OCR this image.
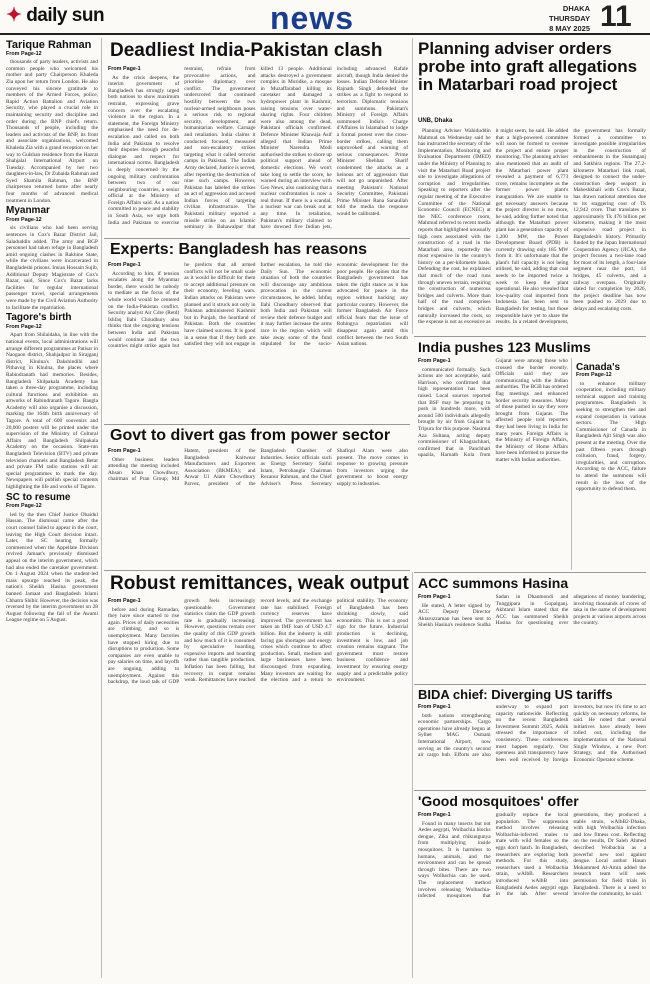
✦ daily sun	news	DHAKA
THURSDAY
8 MAY 2025 11
Tarique Rahman
From Page-12

thousands of party leaders, activists and common people who welcomed his mother and party Chairperson Khaleda Zia upon her return from London. He also conveyed his sincere gratitude to members of the Armed Forces, police, Rapid Action Battalion and Aviation Security, who played a crucial role in maintaining security and discipline and order during the BNP chief's return. Thousands of people, including the leaders and activists of the BNP, its front and associate organisations, welcomed Khaleda Zia with a grand reception on her way to Gulshan residence from the Hazrat Shahjalal International Airport on Tuesday. Accompanied by her two daughters-in-law, Dr Zubaida Rahman and Syed Shamila Rahman, the BNP chairperson returned home after nearly four months of advanced medical treatment in London.

Myanmar
From Page-12

sis civilians who had been serving sentences in Cox's Bazar District Jail, Saladuddin added. The army and BGP personnel had taken refuge in Bangladesh amid ongoing clashes in Rakhine State, while the civilians were incarcerated in Bangladeshi prisons. Imran Hossain Sujib, Additional Deputy Magistrate of Cox's Bazar, said, Since Cox's Bazar lacks facilities for regular international passenger travel, special arrangements were made by the Civil Aviation Authority to facilitate the repatriation.

Tagore's birth
From Page-12

Apart from Shilaidaha, in line with the national events, local administrations will arrange different programmes at Patisar in Naogaon district, Shahjadpur in Sirajganj district, Khulna's Dakshindihi and Pithavog in Khulna, the places where Rabindranath had memories. Besides, Bangladesh Shilpakala Academy has taken a three-day programme, including cultural functions and exhibition on artworks of Rabindranath Tagore. Bangla Academy will also organise a discussion, marking the 164th birth anniversary of Tagore. A total of 600 souvenirs and 20,000 posters will be printed under the supervision of the Ministry of Cultural Affairs and Bangladesh Shilpakala Academy on the occasion. State-run Bangladesh Television (BTV) and private television channels and Bangladesh Betar and private FM radio stations will air special programmes to mark the day. Newspapers will publish special contents highlighting the life and works of Tagore.

SC to resume
From Page-12

led by the then Chief Justice Obaidul Hassan. The dismissal came after the court counsel failed to appear in the court, leaving the High Court decision intact. Later, the SC hearing formally commenced when the Appellate Division revived Jamaat's previously dismissed appeal on the interim government, which had also ended the caretaker government. On 1 August 2024 when the student-led mass upsurge reached its peak, the nation's Sheikh Hasina government banned Jamaat and Bangladesh Islami Chhatra Shibir. However, the decision was reversed by the interim government on 28 August following the fall of the Awami League regime on 5 August.

Deadliest India-Pakistan clash
From Page-1

As the crisis deepens, the interim government of Bangladesh has strongly urged both nations to show maximum restraint, expressing grave concern over the escalating violence in the region. In a statement, the Foreign Ministry emphasised the need for de-escalation and called on both India and Pakistan to resolve their disputes through peaceful dialogue and respect for international norms. Bangladesh is deeply concerned by the ongoing military confrontation between two of our neighbouring countries, a senior official at the Ministry of Foreign Affairs said. As a nation committed to peace and stability in South Asia, we urge both India and Pakistan to exercise restraint, refrain from provocative actions, and prioritise diplomacy over conflict. The government underscored that continued hostility between the two nuclear-armed neighbours poses a serious risk to regional security, development, and humanitarian welfare. Carnage and retaliation. India claims it conducted focused, measured and non-escalatory strikes targeting what it called terrorist camps in Pakistan. The Indian Army declared, Justice is served, after reporting the destruction of nine such camps. However, Pakistan has labeled the strikes an act of aggression and accused Indian forces of targeting civilian infrastructure. The Pakistani military reported a missile strike on an Islamic seminary in Bahawalpur that killed 13 people. Additional attacks destroyed a government complex in Muridke, a mosque in Muzaffarabad killing its caretaker and damaged a hydropower plant in Kashmir, raising tensions over water-sharing rights. Four children were also among the dead, Pakistani officials confirmed. Defence Minister Khawaja Asif alleged that Indian Prime Minister Narendra Modi authorised the strikes to shore up political support ahead of domestic elections. We won't take long to settle the score, he warned during an interview with Geo News, also cautioning that a nuclear confrontation is now a real threat. If there is a scandal, a nuclear war can break out at any time. In retaliation, Pakistan's military claimed to have downed five Indian jets, including advanced Rafale aircraft, though India denied the losses. Indian Defence Minister Rajnath Singh defended the strikes as a fight to respond to terrorism. Diplomatic tensions and summons. Pakistan's Ministry of Foreign Affairs summoned India's Charge d'Affaires in Islamabad to lodge a formal protest over the cross-border strikes, calling them unprovoked and warning of serious consequences. Prime Minister Shehbaz Sharif condemned the attacks as a heinous act of aggression that will not go unpunished. After meeting Pakistan's National Security Committee, Pakistani Prime Minister Rana Sanaullah told the media the response would be calibrated.

Planning adviser orders probe into graft allegations in Matarbari road project
UNB, Dhaka

Planning Adviser Wahiduddin Mahmud on Wednesday said he has instructed the secretary of the Implementation, Monitoring and Evaluation Department (IMED) under the Ministry of Planning to visit the Matarbari Road project site to investigate allegations of corruption and irregularities. Speaking to reporters after the regular meeting of the Executive Committee of the National Economic Council (ECNEC) at the NEC conference room, Mahmud referred to recent media reports that highlighted unusually high costs associated with the construction of a road in the Matarbari area, reportedly the most expensive in the country's history on a per-kilometre basis. Defending the cost, he explained that much of the road runs through uneven terrain, requiring the construction of numerous bridges and culverts. More than half of the road comprises bridges and culverts, which naturally increased the costs, so the expense is not as excessive as it might seem, he said. He added that a high-powered committee will soon be formed to oversee the project and ensure proper monitoring. The planning adviser also mentioned that an audit of the Matarbari power plant revealed a payment of 6,773 crore, remains incomplete as the former power plant's inauguration. We are unable to get necessary answers because the project director is no more, he said, adding further noted that although the Matarbari power plant has a generation capacity of 1,200 MW, the Power Development Board (PDB) is currently drawing only 185 MW from it. It's unfortunate that the plant's full capacity is not being utilised, he said, adding that coal needs to be imported twice a week to keep the plant operational. He also revealed that low-quality coal imported from Indonesia has been sent to Bangladesh for testing, but those responsible have yet to share the results. In a related development, the government has formally formed a committee to investigate possible irregularities in the construction of embankments in the Sunamganj and Satkhira regions. The 27.2-kilometre Matarbari link road, designed to connect the under-construction deep seaport in Maheshkhali with Cox's Bazar, has drawn national attention due to its staggering cost of Tk 12,942 crore. That translates to approximately Tk 476 billion per kilometre, making it the most expensive road project in Bangladesh's history. Primarily funded by the Japan International Cooperation Agency (JICA), the project focuses a two-lane road for most of its length, a four-lane segment near the port, 14 bridges, 45 culverts, and a railway overpass. Originally slated for completion by 2026, the project deadline has now been pushed to 2029 due to delays and escalating costs.

Experts: Bangladesh has reasons
From Page-1

According to him, if tension escalates along the Myanmar border, there would be nobody to mediate as the focus of the whole world would be centered on the India-Pakistan conflict. Security analyst Air Cdre (Retd) Ishfaq Ilahi Choudhury also thinks that the ongoing tensions between India and Pakistan would continue and the two countries might strike again but he predicts that all armed conflicts will not be small scale as it would be difficult for them to accept additional pressure on their economy, leveling wars. Indian attacks on Pakistan were planned and it struck not only in Pakistan administered Kashmir but in Punjab, the heartland of Pakistan. Both the countries have claimed success. It is good in a sense that if they both are satisfied they will not engage in further escalation, he told the Daily Sun. The economic situation of both the countries will discourage any ambitious provocation in the current circumstances, he added. Ishfaq Ilahi Choudhury observed that both India and Pakistan will review their defence budget and it may further increase the arms race in the region which will take away some of the fund stipulated for the socio-economic development for the poor people. He opines that the Bangladesh government has taken the right stance as it has advocated for peace in the region without backing any particular country. However, the former Bangladesh Air Force official fears that the issue of Rohingya repatriation will disappear again amid this conflict between the two South Asian nations.	India pushes 123 Muslims
From Page-1

communicated formally. Such actions are not acceptable, said Harrison, who confirmed that high representation has been raised. Local sources reported that BSF may be preparing to push in hundreds more, with around 500 individuals allegedly brought by air from Gujarat to Tripura for this purpose. Nasimul Aza Sultana, acting deputy commissioner of Khagrachhari, confirmed that in Panchhari upazila, Harnath Kola from Gujarat were among those who crossed the border recently. Officials said they are communicating with the Indian authorities. The BGB has ordered flag meetings and enhanced border security measures. Many of those pushed in say they were brought from Gujarat. The affected people told reporters they had been living in India for many years. Foreign Affairs is the Ministry of Foreign Affairs, the Ministry of Home Affairs have been informed to pursue the matter with Indian authorities.

Canada's
From Page-12

to enhance military cooperation, including military technical support and training programmes. Bangladesh is seeking to strengthen ties and expand cooperation in various sectors. The High Commissioner of Canada in Bangladesh Ajit Singh was also present at the meeting. Over the past fifteen years through collusion, fraud, forgery, irregularities, and corruption. According to the ACC, failure to attend the summons will result in the loss of the opportunity to defend them.

Govt to divert gas from power sector
From Page-1

Other business leaders attending the meeting included Ahsan Khan Chowdhury, chairman of Pran Group; Md Hatem, president of the Bangladesh Knitwear Manufacturers and Exporters Association (BKMEA); and Anwar Ul Alam Chowdhury Parvez, president of the Bangladesh Chamber of Industries. Senior officials such as Energy Secretary Saiful Islam, Petrobangla Chairman Rezanur Rahman, and the Chief Adviser's Press Secretary Shafiqul Alam were also present. The move comes in response to growing pressure from investors urging the government to boost energy supply to industries.

ACC summons Hasina
From Page-1

He stated, A letter signed by ACC Deputy Director Aktaruzzaman has been sent to Sheikh Hasina's residence Sudha Sadan in Dhanmondi and Tunggipara in Gopalganj. Akhtarul Islam stated that the ACC has summoned Sheikh Hasina for questioning over allegations of money laundering, involving thousands of crores of taka in the name of development projects at various airports across the country.

Robust remittances, weak output
From Page-1

before and during Ramadan, they have since started to rise again. Prices of daily necessities are climbing, and so is unemployment. Many factories have stopped hiring due to disruptions to production. Some companies are even unable to pay salaries on time, and layoffs are ongoing, adding to unemployment. Against this backdrop, the loud talk of GDP growth feels increasingly questionable. Government statistics claim the GDP growth rate is gradually increasing. However, questions remain over the quality of this GDP growth and how much of it is consumed by speculative hoarding, expensive imports and hoarding rather than tangible production. Inflation has been falling, but recovery in output remains weak. Remittances have reached record levels, and the exchange rate has stabilised. Foreign currency reserves have improved. The government has taken an IMF loan of USD 4.7 billion. But the industry is still facing gas shortages and energy crises which continue to affect production. Small, medium and large businesses have been discouraged from expanding. Many investors are waiting for the election and a return to political stability. The economy of Bangladesh has been shrinking slowly, said economists. This is not a good sign for the future. Industrial production is declining, investment is low, and job creation remains stagnant. The government must restore business confidence and investment by ensuring energy supply and a predictable policy environment.

BIDA chief: Diverging US tariffs
From Page-1

both nations strengthening economic partnerships. Cargo operations have already begun at Sylhet MAG Osmani International Airport, now serving as the country's second air cargo hub. Efforts are also underway to expand port capacity nationwide. Reflecting on the recent Bangladesh Investment Summit 2025, Ashik stressed the importance of consistency. These conferences must happen regularly. Our openness and transparency have been well received by foreign investors, but now it's time to act quickly on necessary reforms, he said. He noted that several initiatives have already been rolled out, including the implementation of the National Single Window, a new Port Strategy, and the Authorised Economic Operator scheme.

'Good mosquitoes' offer
From Page-1

Found in many insects but not Aedes aegypti, Wolbachia blocks dengue, Zika and chikungunya from multiplying inside mosquitoes. It is harmless to humans, animals, and the environment and can be spread through bites. There are two ways Wolbachia can be used. The replacement method involves releasing Wolbachia-infected mosquitoes that gradually replace the local population. The suppression method involves releasing Wolbachia-infected males to mate with wild females so the eggs don't hatch. In Bangladesh, researchers are exploring both methods. For this study, researchers used a Wolbachia strain, wAlbB. Researchers introduced wAlbB into Bangladeshi Aedes aegypti eggs in the lab. After several generations, they produced a stable strain, wAlbB2-Dhaka, with high Wolbachia infection and low fitness cost. Reflecting on the results, Dr Saleh Ahmed described Wolbachia as a powerful new tool against dengue. Local author Hasan Mohammed Al-Amin added the research team will seek permission for field trials in Bangladesh. There is a need to involve the community, he said.
